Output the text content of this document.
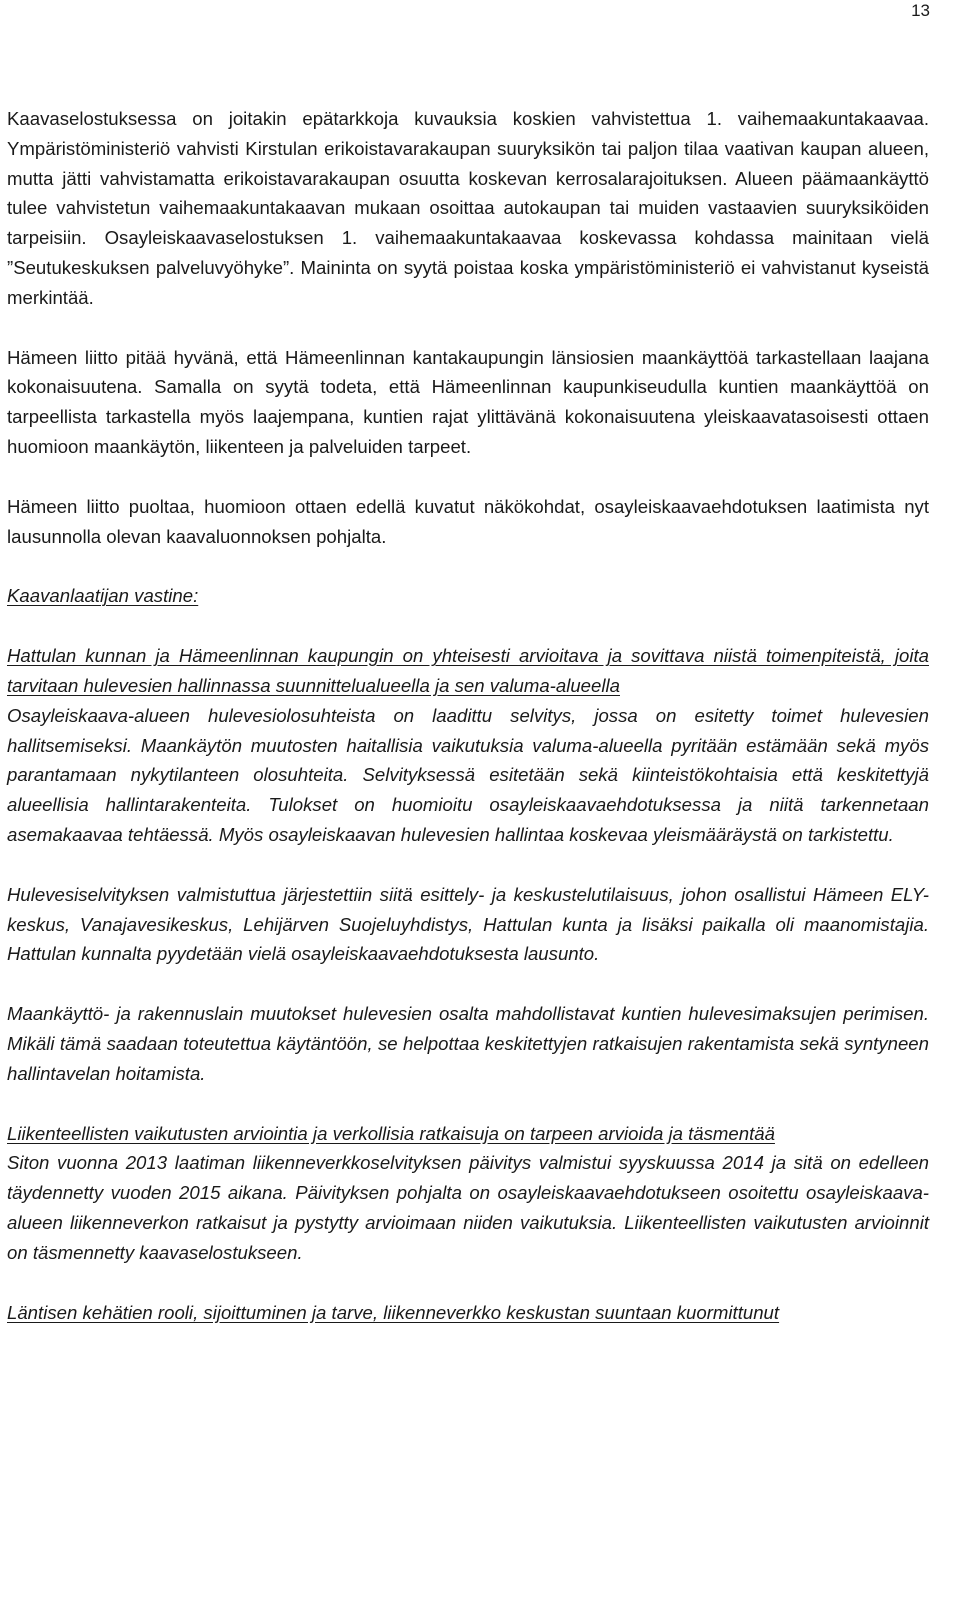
13

Kaavaselostuksessa on joitakin epätarkkoja kuvauksia koskien vahvistettua 1. vaihemaakuntakaavaa. Ympäristöministeriö vahvisti Kirstulan erikoistavarakaupan suuryksikön tai paljon tilaa vaativan kaupan alueen, mutta jätti vahvistamatta erikoistavarakaupan osuutta koskevan kerrosalarajoituksen. Alueen päämaankäyttö tulee vahvistetun vaihemaakuntakaavan mukaan osoittaa autokaupan tai muiden vastaavien suuryksiköiden tarpeisiin. Osayleiskaavaselostuksen 1. vaihemaakuntakaavaa koskevassa kohdassa mainitaan vielä ”Seutukeskuksen palveluvyöhyke”. Maininta on syytä poistaa koska ympäristöministeriö ei vahvistanut kyseistä merkintää.

Hämeen liitto pitää hyvänä, että Hämeenlinnan kantakaupungin länsiosien maankäyttöä tarkastellaan laajana kokonaisuutena. Samalla on syytä todeta, että Hämeenlinnan kaupunkiseudulla kuntien maankäyttöä on tarpeellista tarkastella myös laajempana, kuntien rajat ylittävänä kokonaisuutena yleiskaavatasoisesti ottaen huomioon maankäytön, liikenteen ja palveluiden tarpeet.

Hämeen liitto puoltaa, huomioon ottaen edellä kuvatut näkökohdat, osayleiskaavaehdotuksen laatimista nyt lausunnolla olevan kaavaluonnoksen pohjalta.

Kaavanlaatijan vastine:

Hattulan kunnan ja Hämeenlinnan kaupungin on yhteisesti arvioitava ja sovittava niistä toimenpiteistä, joita tarvitaan hulevesien hallinnassa suunnittelualueella ja sen valuma-alueella

Osayleiskaava-alueen hulevesiolosuhteista on laadittu selvitys, jossa on esitetty toimet hulevesien hallitsemiseksi. Maankäytön muutosten haitallisia vaikutuksia valuma-alueella pyritään estämään sekä myös parantamaan nykytilanteen olosuhteita. Selvityksessä esitetään sekä kiinteistökohtaisia että keskitettyjä alueellisia hallintarakenteita. Tulokset on huomioitu osayleiskaavaehdotuksessa ja niitä tarkennetaan asemakaavaa tehtäessä. Myös osayleiskaavan hulevesien hallintaa koskevaa yleismääräystä on tarkistettu.

Hulevesiselvityksen valmistuttua järjestettiin siitä esittely- ja keskustelutilaisuus, johon osallistui Hämeen ELY-keskus, Vanajavesikeskus, Lehijärven Suojeluyhdistys, Hattulan kunta ja lisäksi paikalla oli maanomistajia. Hattulan kunnalta pyydetään vielä osayleiskaavaehdotuksesta lausunto.

Maankäyttö- ja rakennuslain muutokset hulevesien osalta mahdollistavat kuntien hulevesimaksujen perimisen. Mikäli tämä saadaan toteutettua käytäntöön, se helpottaa keskitettyjen ratkaisujen rakentamista sekä syntyneen hallintavelan hoitamista.

Liikenteellisten vaikutusten arviointia ja verkollisia ratkaisuja on tarpeen arvioida ja täsmentää

Siton vuonna 2013 laatiman liikenneverkkoselvityksen päivitys valmistui syyskuussa 2014 ja sitä on edelleen täydennetty vuoden 2015 aikana. Päivityksen pohjalta on osayleiskaavaehdotukseen osoitettu osayleiskaava-alueen liikenneverkon ratkaisut ja pystytty arvioimaan niiden vaikutuksia. Liikenteellisten vaikutusten arvioinnit on täsmennetty kaavaselostukseen.

Läntisen kehätien rooli, sijoittuminen ja tarve, liikenneverkko keskustan suuntaan kuormittunut
